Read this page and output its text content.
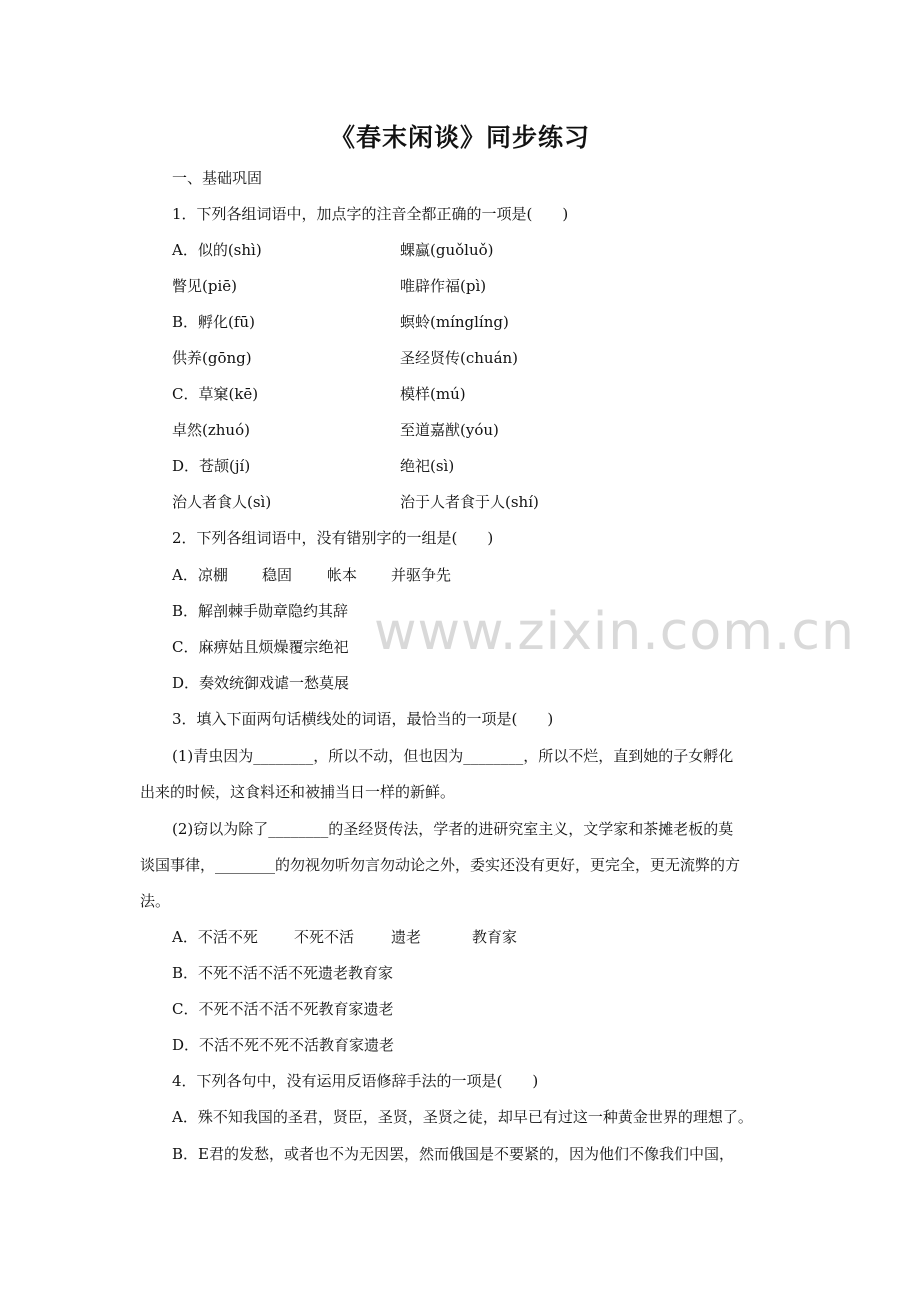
www.zixin.com.cn
《春末闲谈》同步练习
一、基础巩固
1．下列各组词语中，加点字的注音全都正确的一项是(　　)
A．似的(shì)	蜾蠃(guǒluǒ)
瞥见(piē)	唯辟作福(pì)
B．孵化(fū)	螟蛉(mínglíng)
供养(gōng)	圣经贤传(chuán)
C．草窠(kē)	模样(mú)
卓然(zhuó)	至道嘉猷(yóu)
D．苍颉(jí)	绝祀(sì)
治人者食人(sì)	治于人者食于人(shí)
2．下列各组词语中，没有错别字的一组是(　　)
A．凉棚 稳固 帐本 并驱争先
B．解剖棘手勋章隐约其辞
C．麻痹姑且烦燥覆宗绝祀
D．奏效统御戏谑一愁莫展
3．填入下面两句话横线处的词语，最恰当的一项是(　　)
(1)青虫因为________，所以不动，但也因为________，所以不烂，直到她的子女孵化
出来的时候，这食料还和被捕当日一样的新鲜。
(2)窃以为除了________的圣经贤传法，学者的进研究室主义，文学家和茶摊老板的莫
谈国事律，________的勿视勿听勿言勿动论之外，委实还没有更好，更完全，更无流弊的方
法。
A．不活不死 不死不活 遗老	教育家
B．不死不活不活不死遗老教育家
C．不死不活不活不死教育家遗老
D．不活不死不死不活教育家遗老
4．下列各句中，没有运用反语修辞手法的一项是(　　)
A．殊不知我国的圣君，贤臣，圣贤，圣贤之徒，却早已有过这一种黄金世界的理想了。
B．E君的发愁，或者也不为无因罢，然而俄国是不要紧的，因为他们不像我们中国，
